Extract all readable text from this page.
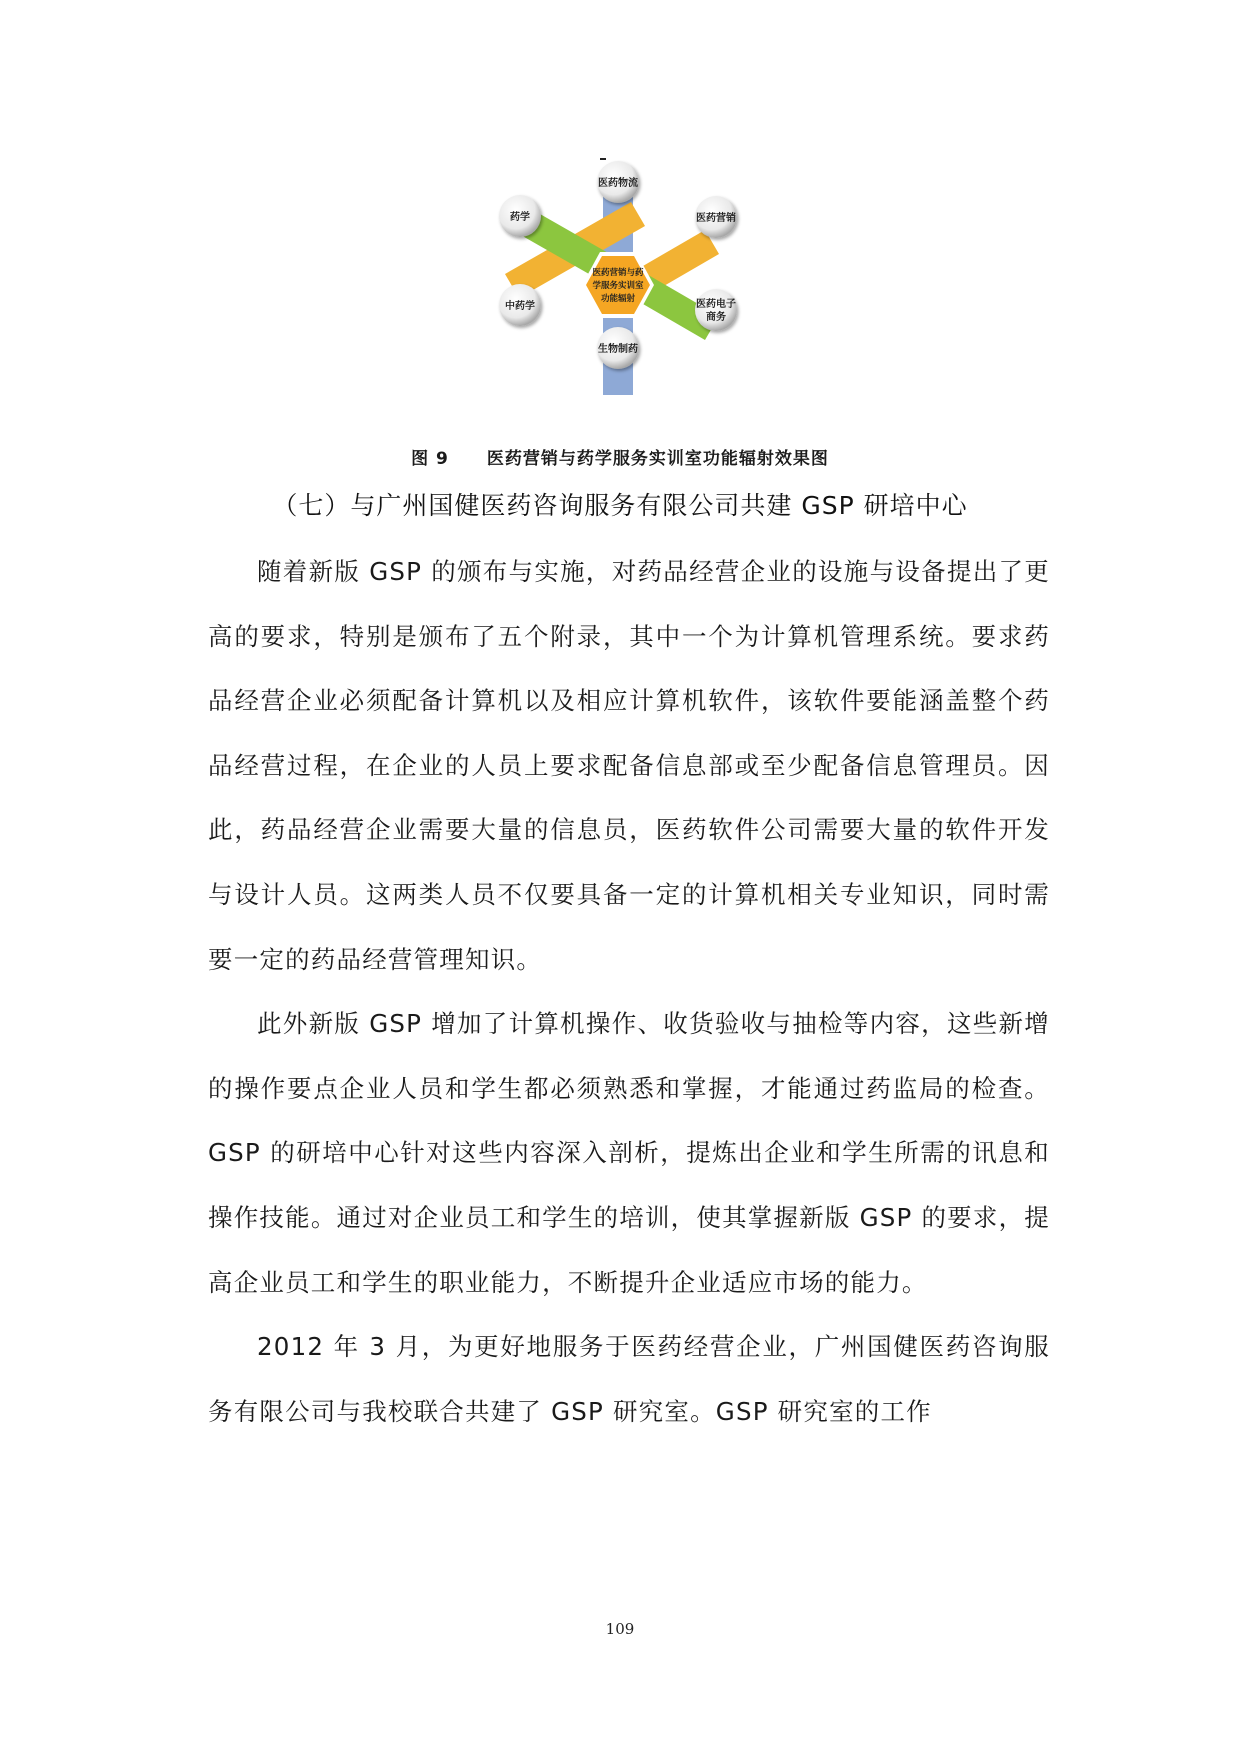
医药营销与药
学服务实训室
功能辐射
医药物流
医药营销
医药电子
商务
生物制药
中药学
药学
图 9 医药营销与药学服务实训室功能辐射效果图
（七）与广州国健医药咨询服务有限公司共建 GSP 研培中心

随着新版 GSP 的颁布与实施，对药品经营企业的设施与设备提出了更高的要求，特别是颁布了五个附录，其中一个为计算机管理系统。要求药品经营企业必须配备计算机以及相应计算机软件，该软件要能涵盖整个药品经营过程，在企业的人员上要求配备信息部或至少配备信息管理员。因此，药品经营企业需要大量的信息员，医药软件公司需要大量的软件开发与设计人员。这两类人员不仅要具备一定的计算机相关专业知识，同时需要一定的药品经营管理知识。

此外新版 GSP 增加了计算机操作、收货验收与抽检等内容，这些新增的操作要点企业人员和学生都必须熟悉和掌握，才能通过药监局的检查。 GSP 的研培中心针对这些内容深入剖析，提炼出企业和学生所需的讯息和操作技能。通过对企业员工和学生的培训，使其掌握新版 GSP 的要求，提高企业员工和学生的职业能力，不断提升企业适应市场的能力。

2012 年 3 月，为更好地服务于医药经营企业，广州国健医药咨询服务有限公司与我校联合共建了 GSP 研究室。GSP 研究室的工作

109
